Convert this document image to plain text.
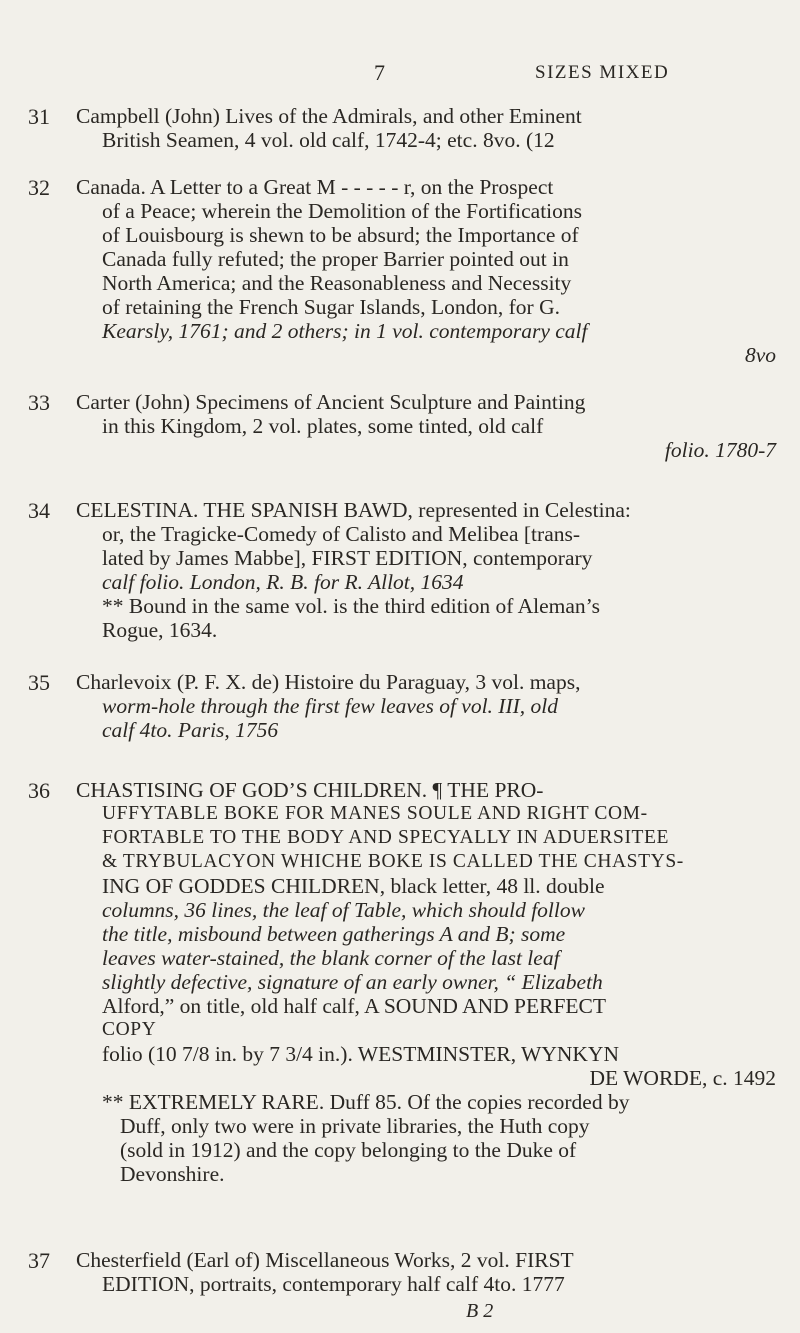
7	SIZES MIXED
31 Campbell (John) Lives of the Admirals, and other Eminent
British Seamen, 4 vol. old calf, 1742-4; etc. 8vo. (12
32 Canada. A Letter to a Great M - - - - - r, on the Prospect
of a Peace; wherein the Demolition of the Fortifications
of Louisbourg is shewn to be absurd; the Importance of
Canada fully refuted; the proper Barrier pointed out in
North America; and the Reasonableness and Necessity
of retaining the French Sugar Islands, London, for G.
Kearsly, 1761; and 2 others; in 1 vol. contemporary calf
8vo
33 Carter (John) Specimens of Ancient Sculpture and Painting
in this Kingdom, 2 vol. plates, some tinted, old calf
folio. 1780-7
34 CELESTINA. THE SPANISH BAWD, represented in Celestina:
or, the Tragicke-Comedy of Calisto and Melibea [trans-
lated by James Mabbe], FIRST EDITION, contemporary
calf folio. London, R. B. for R. Allot, 1634
** Bound in the same vol. is the third edition of Aleman’s
Rogue, 1634.
35 Charlevoix (P. F. X. de) Histoire du Paraguay, 3 vol. maps,
worm-hole through the first few leaves of vol. III, old
calf 4to. Paris, 1756
36 CHASTISING OF GOD’S CHILDREN. ¶ THE PRO-
UFFYTABLE BOKE FOR MANES SOULE AND RIGHT COM-
FORTABLE TO THE BODY AND SPECYALLY IN ADUERSITEE
& TRYBULACYON WHICHE BOKE IS CALLED THE CHASTYS-
ING OF GODDES CHILDREN, black letter, 48 ll. double
columns, 36 lines, the leaf of Table, which should follow
the title, misbound between gatherings A and B; some
leaves water-stained, the blank corner of the last leaf
slightly defective, signature of an early owner, “ Elizabeth
Alford,” on title, old half calf, A SOUND AND PERFECT
COPY
folio (10 7/8 in. by 7 3/4 in.). WESTMINSTER, WYNKYN
DE WORDE, c. 1492
** EXTREMELY RARE. Duff 85. Of the copies recorded by
Duff, only two were in private libraries, the Huth copy
(sold in 1912) and the copy belonging to the Duke of
Devonshire.
37 Chesterfield (Earl of) Miscellaneous Works, 2 vol. FIRST
EDITION, portraits, contemporary half calf 4to. 1777
B 2
